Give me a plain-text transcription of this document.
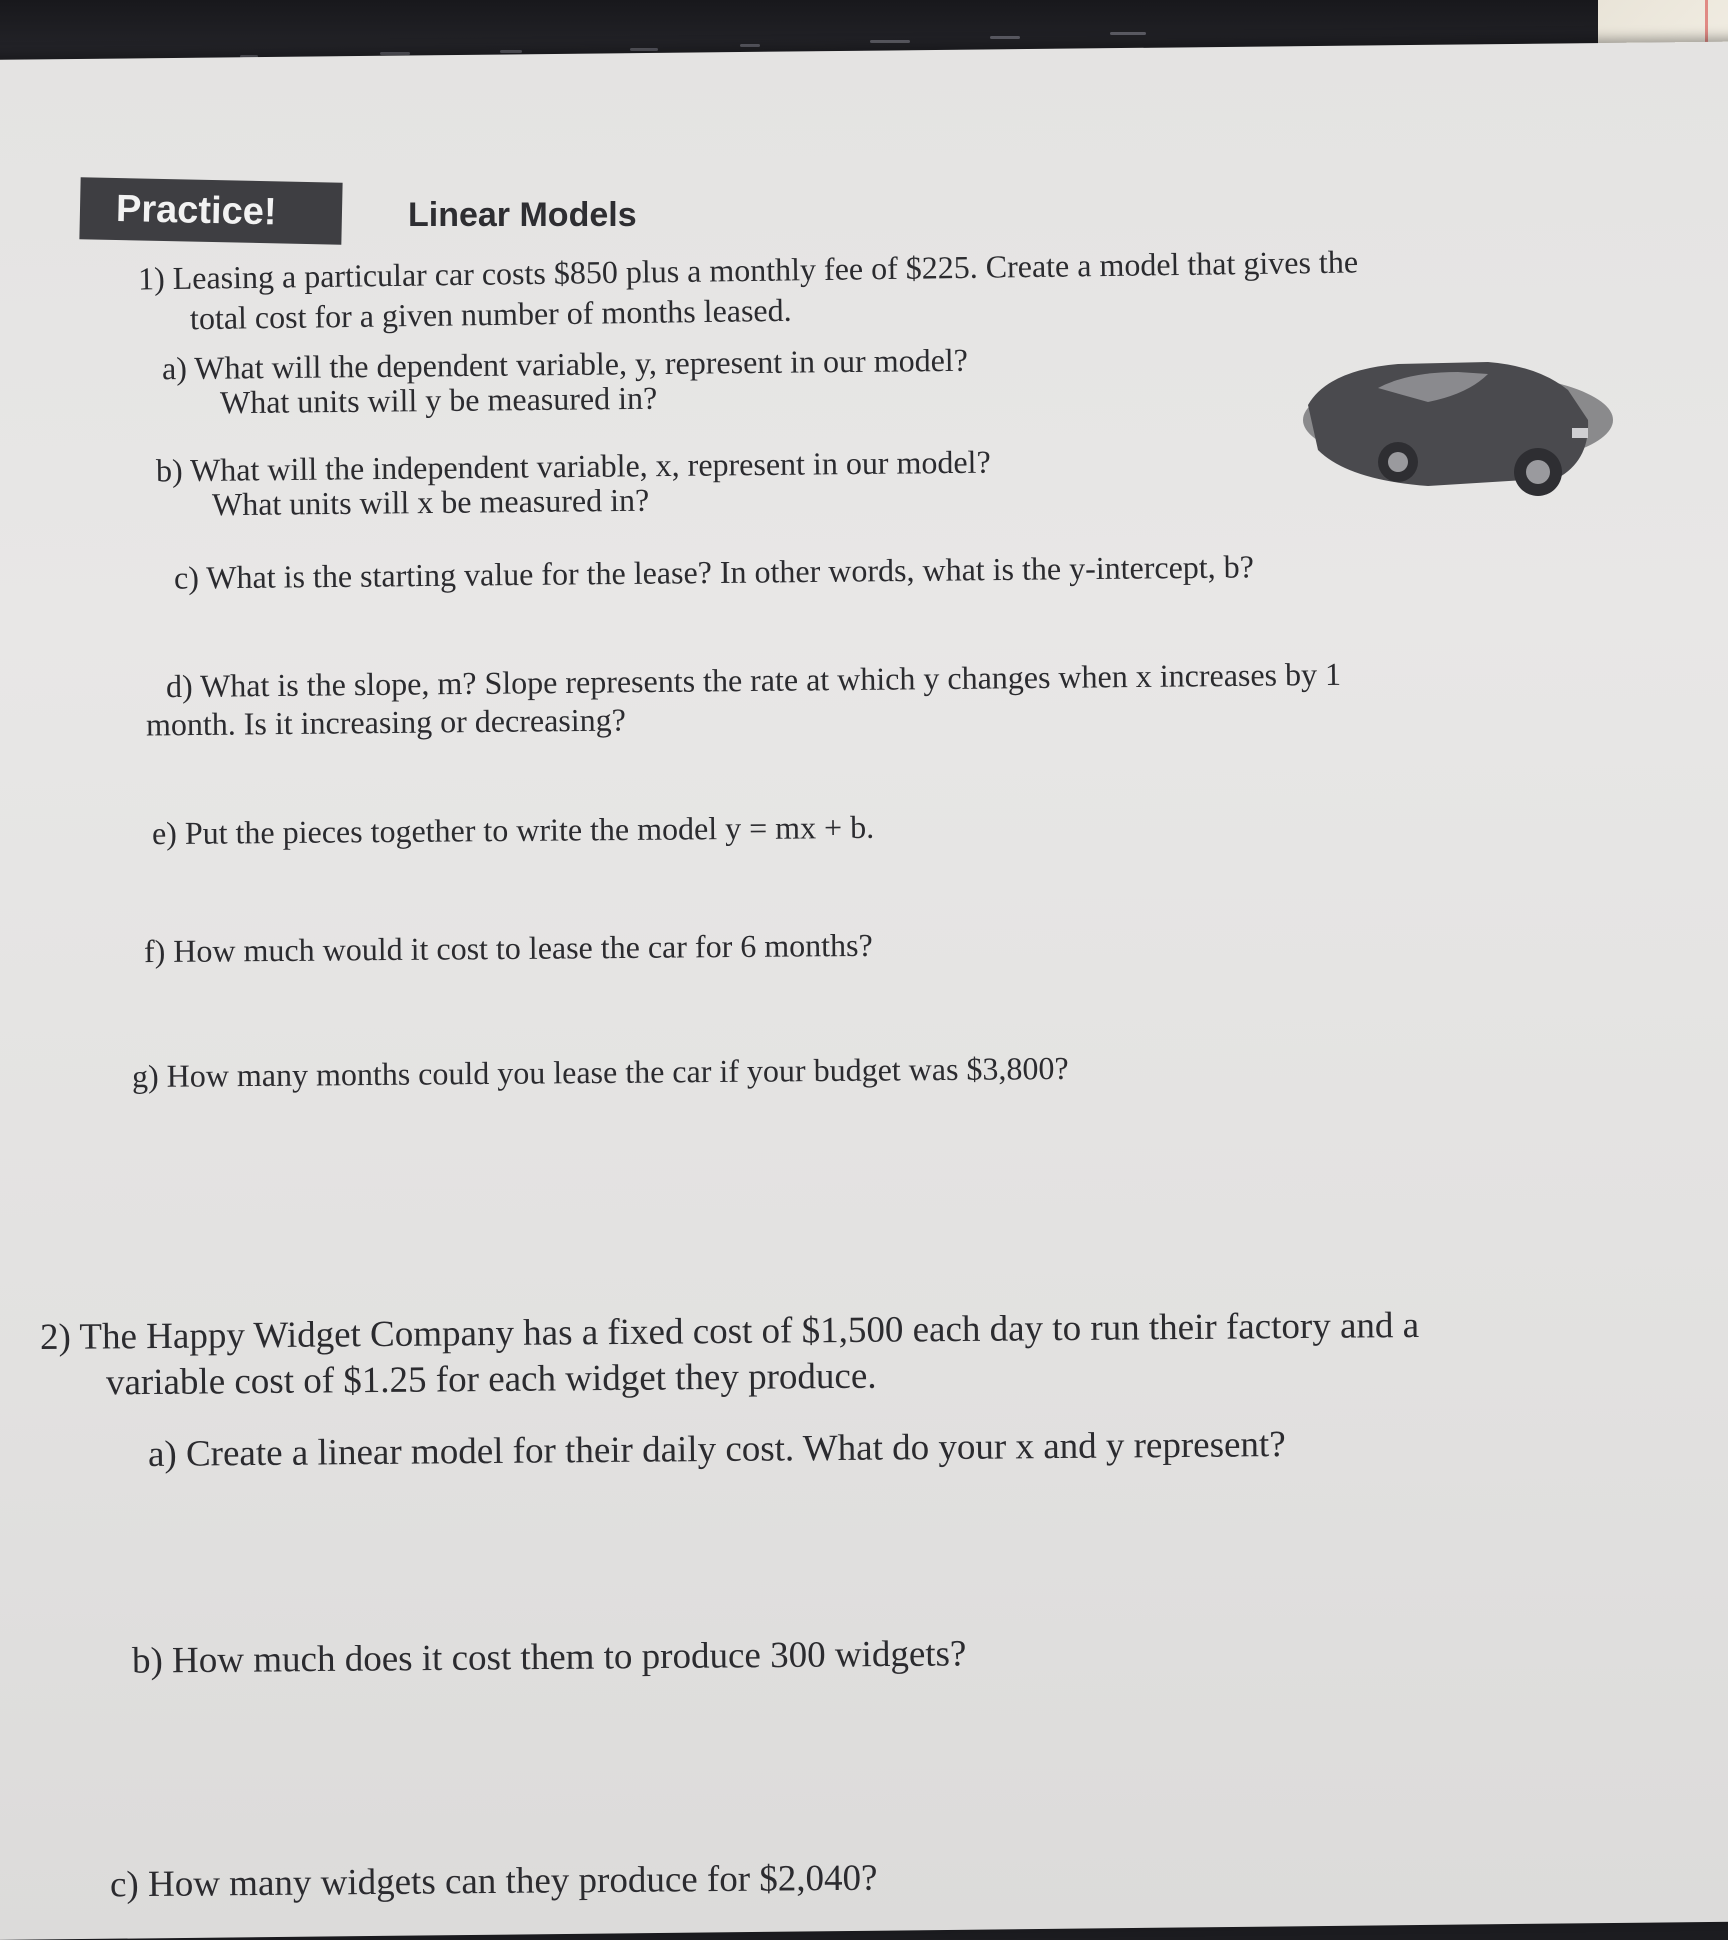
Practice!	Linear Models
1) Leasing a particular car costs $850 plus a monthly fee of $225. Create a model that gives the
total cost for a given number of months leased.
a) What will the dependent variable, y, represent in our model?
What units will y be measured in?
b) What will the independent variable, x, represent in our model?
What units will x be measured in?
c) What is the starting value for the lease? In other words, what is the y-intercept, b?
d) What is the slope, m? Slope represents the rate at which y changes when x increases by 1
month. Is it increasing or decreasing?
e) Put the pieces together to write the model y = mx + b.
f) How much would it cost to lease the car for 6 months?
g) How many months could you lease the car if your budget was $3,800?
2) The Happy Widget Company has a fixed cost of $1,500 each day to run their factory and a
variable cost of $1.25 for each widget they produce.
a) Create a linear model for their daily cost. What do your x and y represent?
b) How much does it cost them to produce 300 widgets?
c) How many widgets can they produce for $2,040?
